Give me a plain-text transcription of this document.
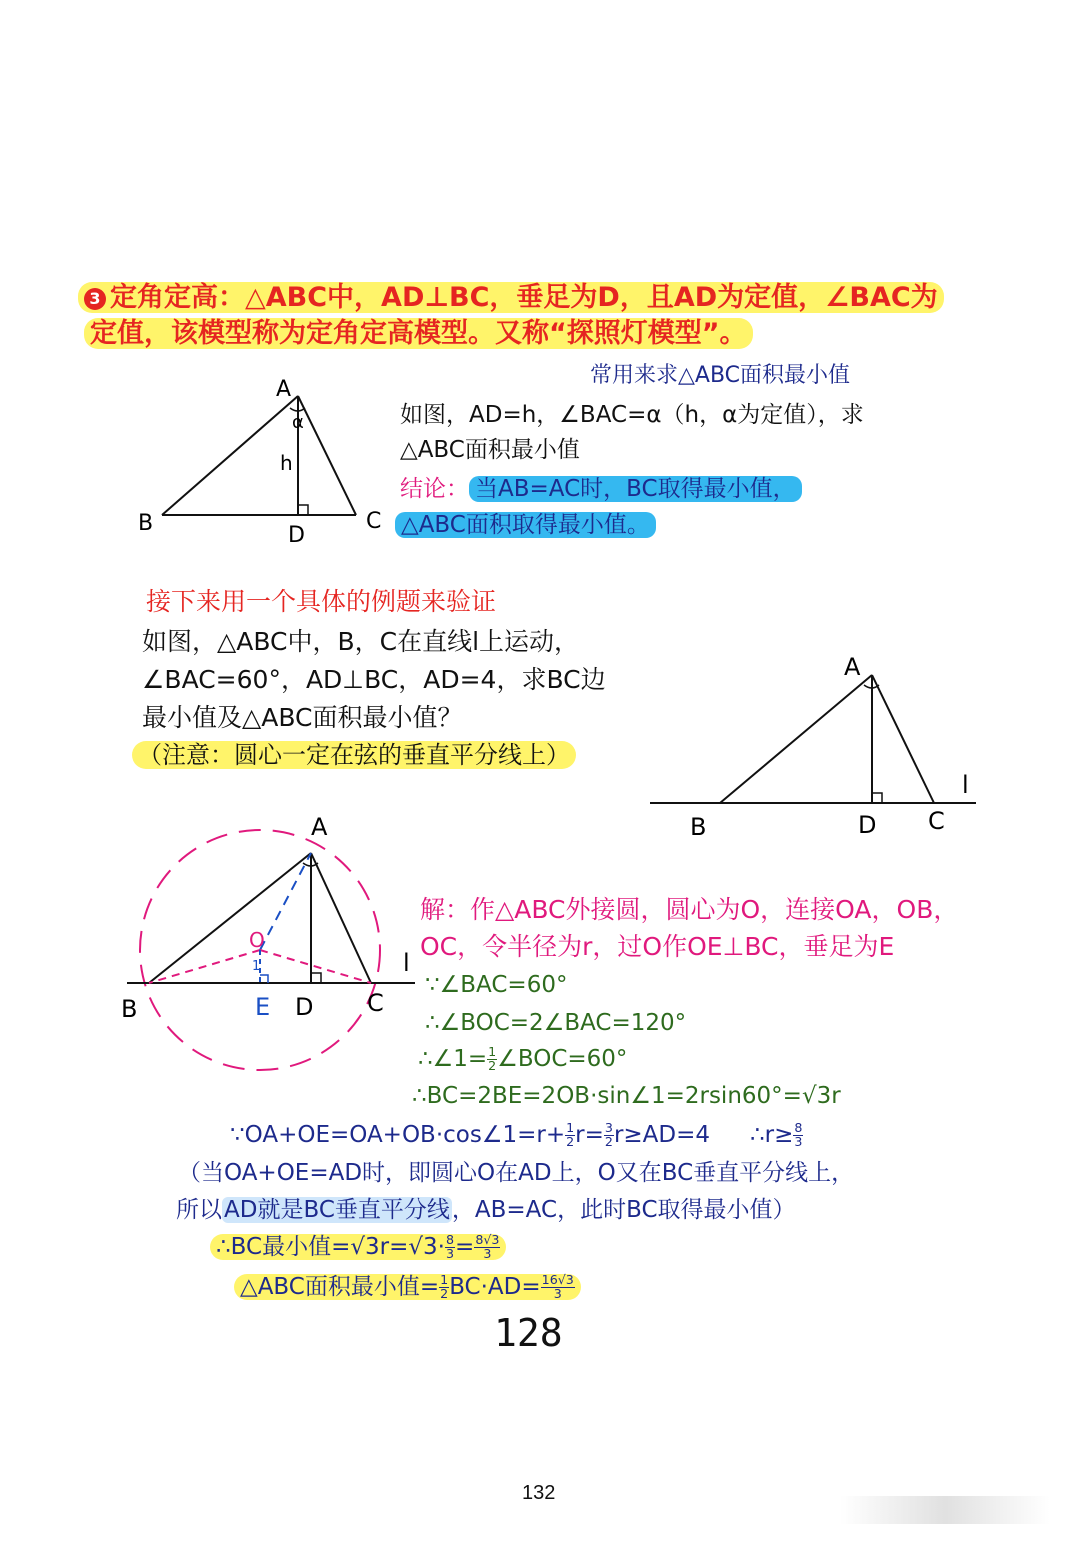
3 定角定高：△ABC中，AD⊥BC，垂足为D，且AD为定值，∠BAC为
定值，该模型称为定角定高模型。又称“探照灯模型”。
常用来求△ABC面积最小值
如图，AD=h，∠BAC=α（h，α为定值），求
△ABC面积最小值
结论： 当AB=AC时，BC取得最小值，
△ABC面积取得最小值。
A
α
h
B	C
D
接下来用一个具体的例题来验证
如图，△ABC中，B，C在直线l上运动，
∠BAC=60°，AD⊥BC，AD=4，求BC边
最小值及△ABC面积最小值？
（注意：圆心一定在弦的垂直平分线上）
A
l
B	D C
A
O
1	l
B	E D C
解：作△ABC外接圆，圆心为O，连接OA，OB，
OC，令半径为r，过O作OE⊥BC，垂足为E
∵∠BAC=60°
∴∠BOC=2∠BAC=120°
∴∠1= $\frac{1}{2}$ ∠BOC=60°
∴BC=2BE=2OB·sin∠1=2rsin60°=√3r
∵OA+OE=OA+OB·cos∠1=r+ $\frac{1}{2} r= \frac{3}{2} r\ge AD=4$ ∴r≥ $\frac{8}{3}$
（当OA+OE=AD时，即圆心O在AD上，O又在BC垂直平分线上，
所以AD就是BC垂直平分线，AB=AC，此时BC取得最小值）
∴BC最小值$=√3r=√3\cdot \frac{8}{3} = \frac{8√3}{3}$
△ABC面积最小值= $\frac{1}{2} BC\cdot AD= \frac{16√3}{3}$
128
132
